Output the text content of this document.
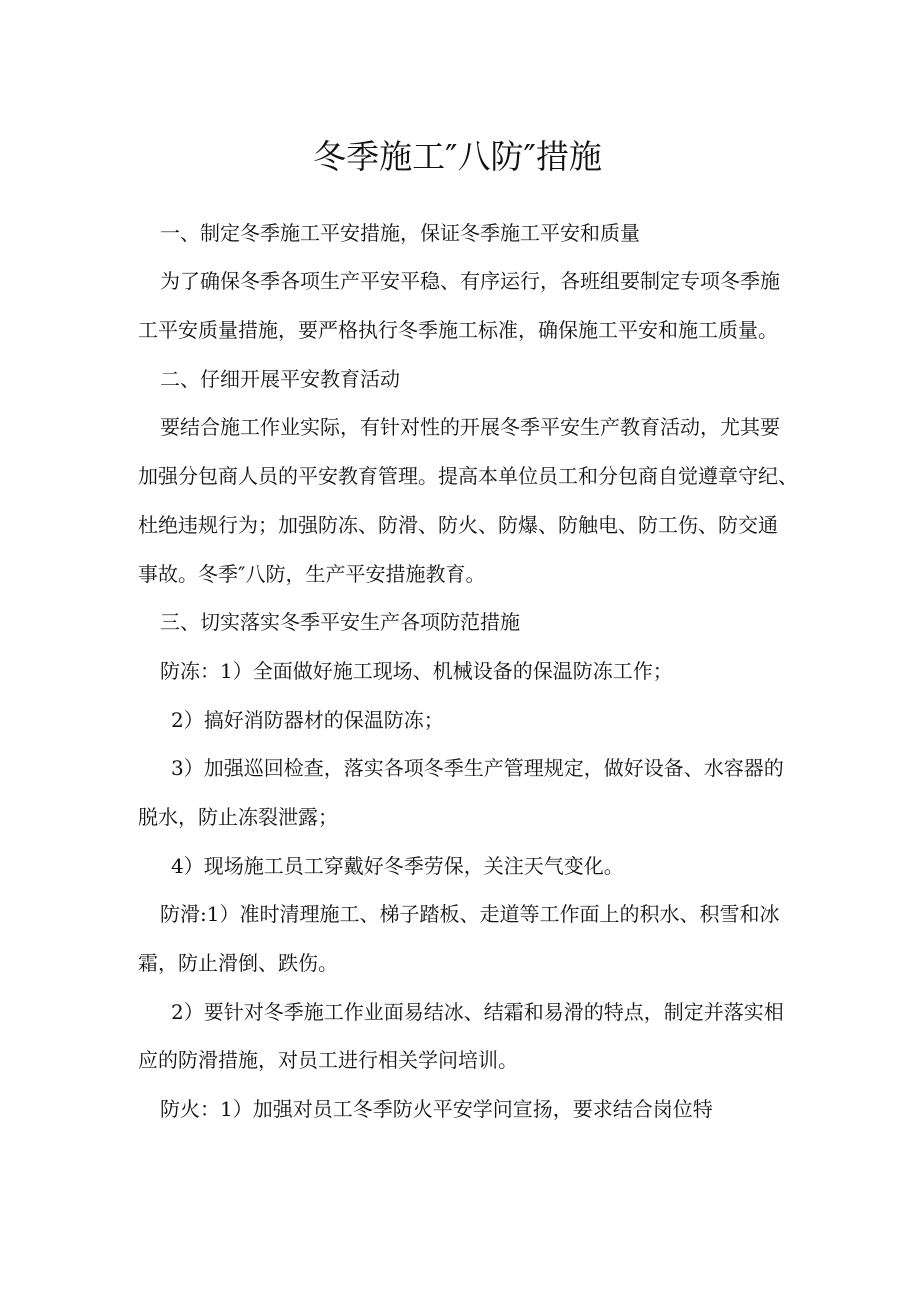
冬季施工″八防″措施
一、制定冬季施工平安措施，保证冬季施工平安和质量
为了确保冬季各项生产平安平稳、有序运行，各班组要制定专项冬季施
工平安质量措施，要严格执行冬季施工标准，确保施工平安和施工质量。
二、仔细开展平安教育活动
要结合施工作业实际，有针对性的开展冬季平安生产教育活动，尤其要
加强分包商人员的平安教育管理。提高本单位员工和分包商自觉遵章守纪、
杜绝违规行为；加强防冻、防滑、防火、防爆、防触电、防工伤、防交通
事故。冬季″八防，生产平安措施教育。
三、切实落实冬季平安生产各项防范措施
防冻：1）全面做好施工现场、机械设备的保温防冻工作；
2）搞好消防器材的保温防冻；
3）加强巡回检查，落实各项冬季生产管理规定，做好设备、水容器的
脱水，防止冻裂泄露；
4）现场施工员工穿戴好冬季劳保，关注天气变化。
防滑:1）准时清理施工、梯子踏板、走道等工作面上的积水、积雪和冰
霜，防止滑倒、跌伤。
2）要针对冬季施工作业面易结冰、结霜和易滑的特点，制定并落实相
应的防滑措施，对员工进行相关学问培训。
防火：1）加强对员工冬季防火平安学问宣扬，要求结合岗位特
